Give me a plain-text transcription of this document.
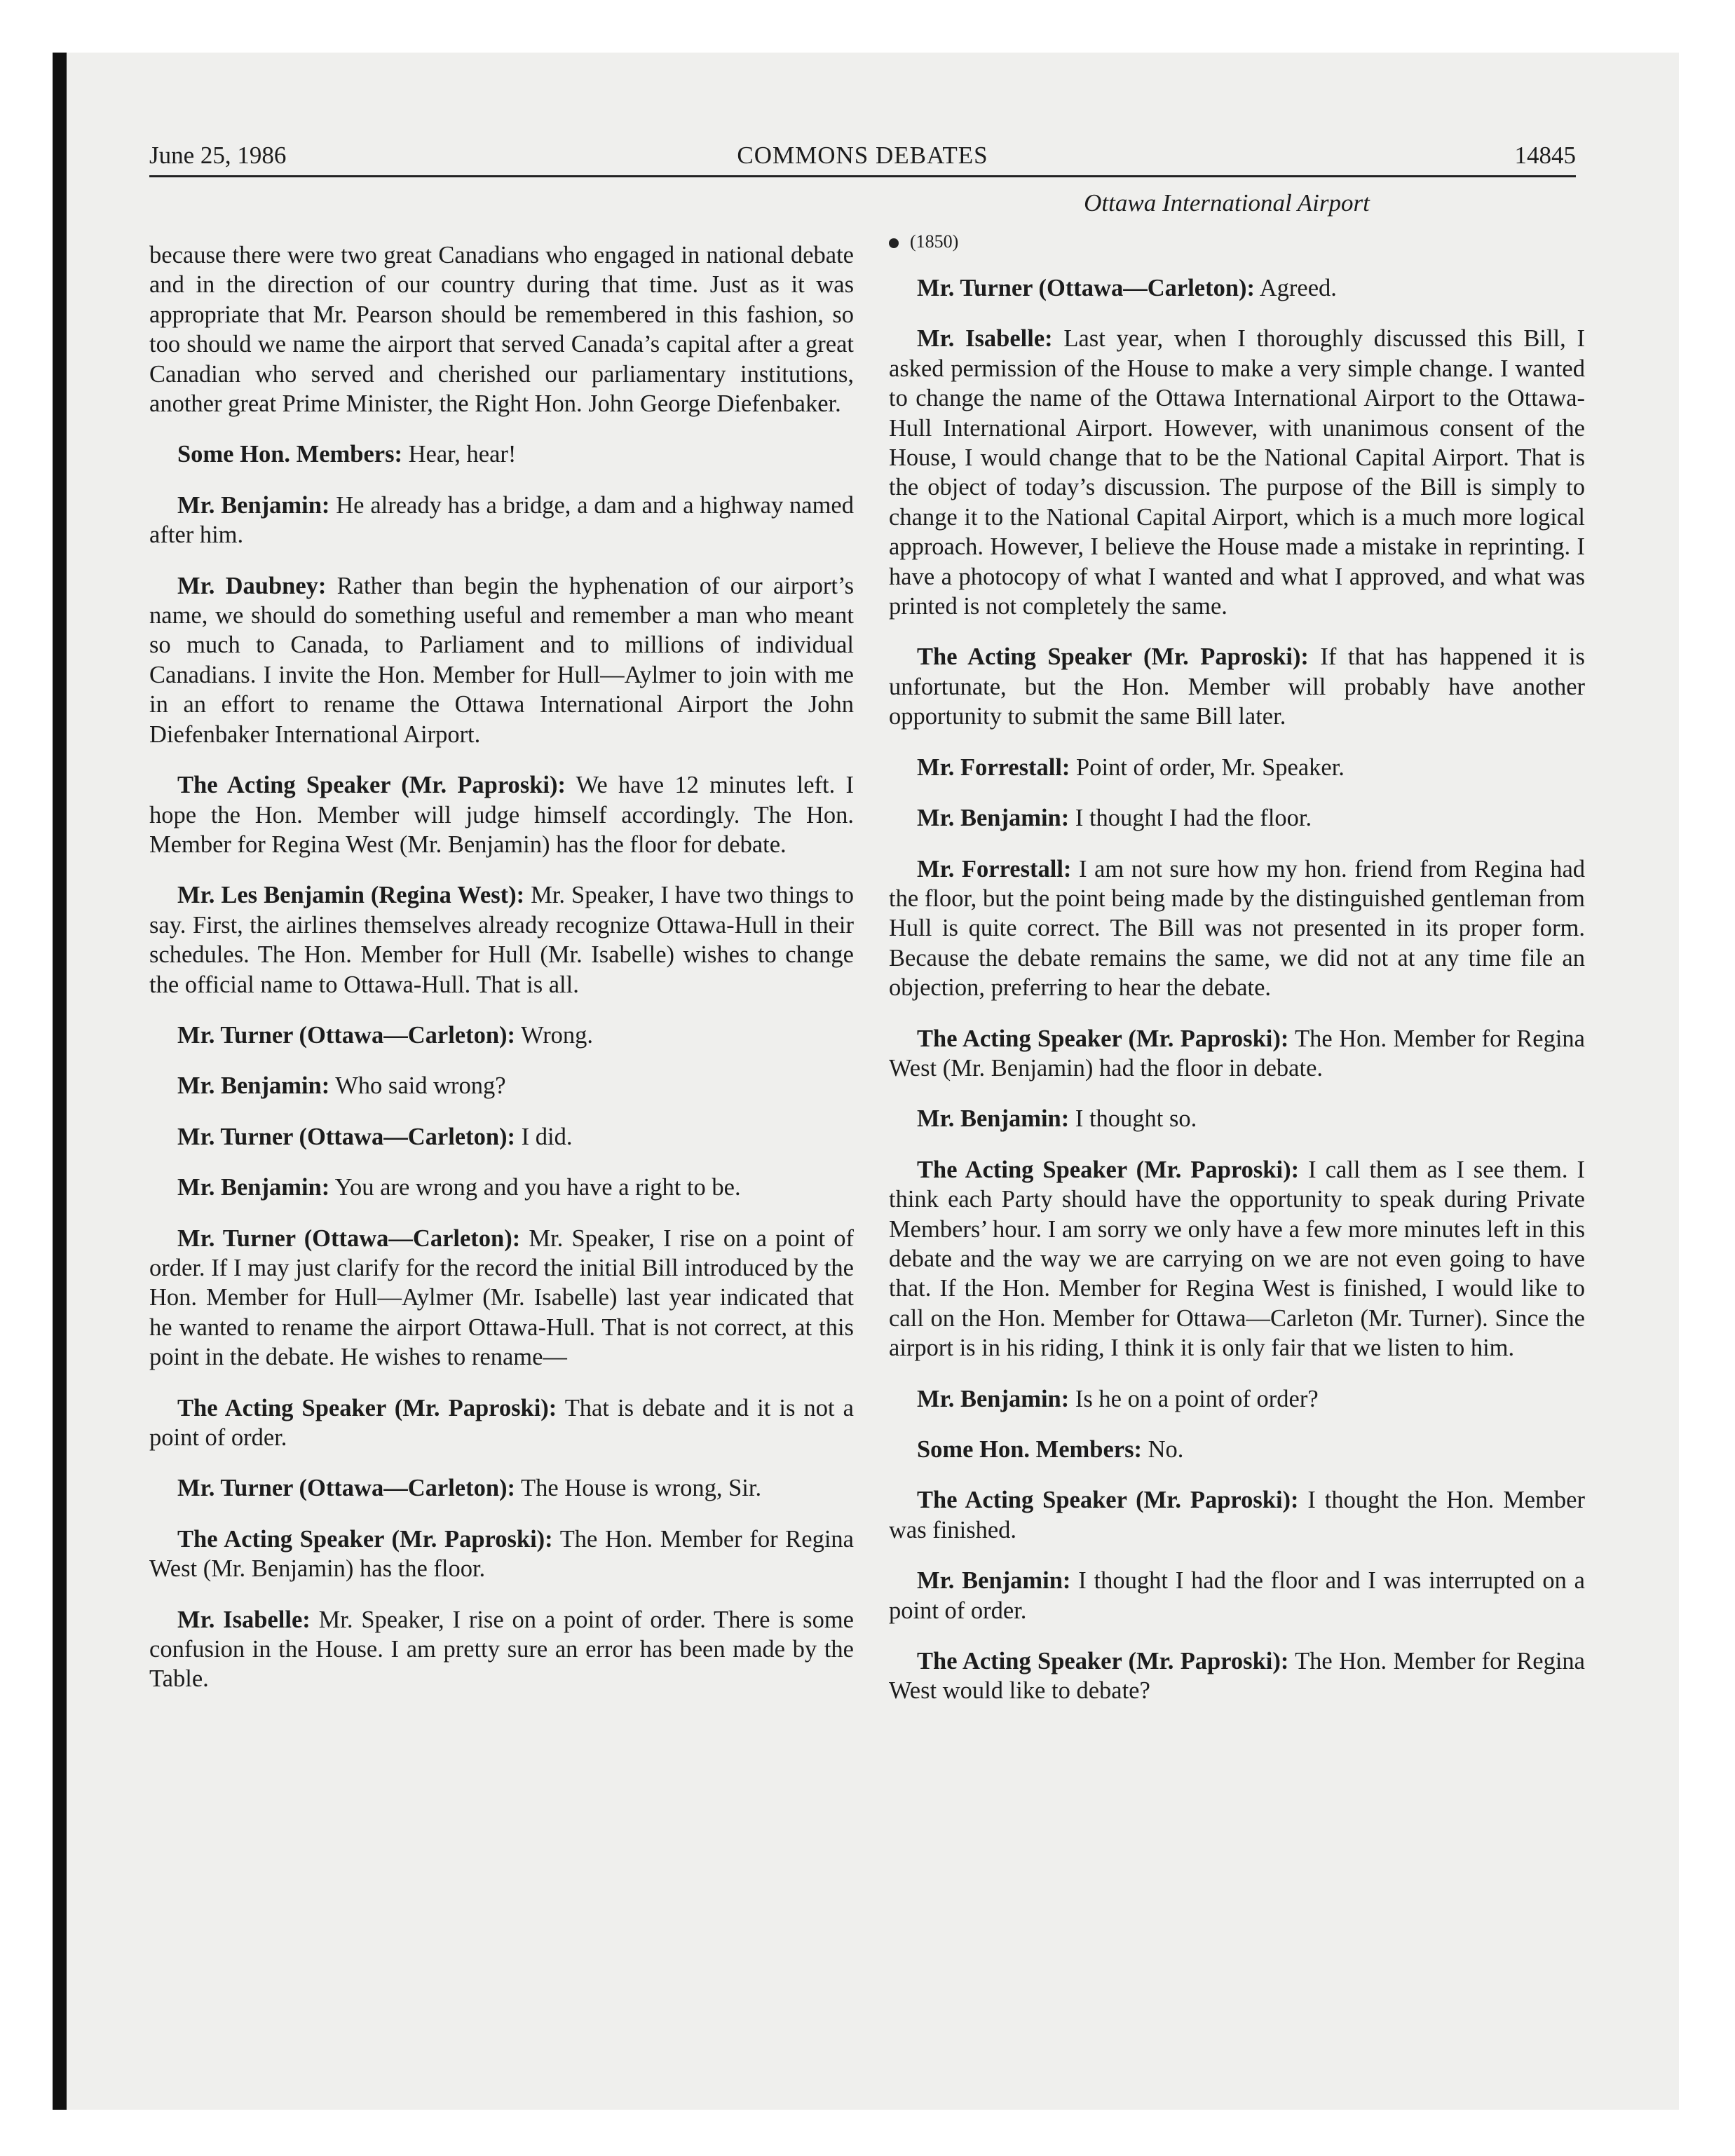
June 25, 1986	COMMONS DEBATES	14845
Ottawa International Airport

because there were two great Canadians who engaged in national debate and in the direction of our country during that time. Just as it was appropriate that Mr. Pearson should be remembered in this fashion, so too should we name the airport that served Canada’s capital after a great Canadian who served and cherished our parliamentary institutions, another great Prime Minister, the Right Hon. John George Diefenbaker.

Some Hon. Members: Hear, hear!

Mr. Benjamin: He already has a bridge, a dam and a highway named after him.

Mr. Daubney: Rather than begin the hyphenation of our airport’s name, we should do something useful and remember a man who meant so much to Canada, to Parliament and to millions of individual Canadians. I invite the Hon. Member for Hull—Aylmer to join with me in an effort to rename the Ottawa International Airport the John Diefenbaker International Airport.

The Acting Speaker (Mr. Paproski): We have 12 minutes left. I hope the Hon. Member will judge himself accordingly. The Hon. Member for Regina West (Mr. Benjamin) has the floor for debate.

Mr. Les Benjamin (Regina West): Mr. Speaker, I have two things to say. First, the airlines themselves already recognize Ottawa-Hull in their schedules. The Hon. Member for Hull (Mr. Isabelle) wishes to change the official name to Ottawa-Hull. That is all.

Mr. Turner (Ottawa—Carleton): Wrong.

Mr. Benjamin: Who said wrong?

Mr. Turner (Ottawa—Carleton): I did.

Mr. Benjamin: You are wrong and you have a right to be.

Mr. Turner (Ottawa—Carleton): Mr. Speaker, I rise on a point of order. If I may just clarify for the record the initial Bill introduced by the Hon. Member for Hull—Aylmer (Mr. Isabelle) last year indicated that he wanted to rename the airport Ottawa-Hull. That is not correct, at this point in the debate. He wishes to rename—

The Acting Speaker (Mr. Paproski): That is debate and it is not a point of order.

Mr. Turner (Ottawa—Carleton): The House is wrong, Sir.

The Acting Speaker (Mr. Paproski): The Hon. Member for Regina West (Mr. Benjamin) has the floor.

Mr. Isabelle: Mr. Speaker, I rise on a point of order. There is some confusion in the House. I am pretty sure an error has been made by the Table.

(1850)

Mr. Turner (Ottawa—Carleton): Agreed.

Mr. Isabelle: Last year, when I thoroughly discussed this Bill, I asked permission of the House to make a very simple change. I wanted to change the name of the Ottawa International Airport to the Ottawa-Hull International Airport. However, with unanimous consent of the House, I would change that to be the National Capital Airport. That is the object of today’s discussion. The purpose of the Bill is simply to change it to the National Capital Airport, which is a much more logical approach. However, I believe the House made a mistake in reprinting. I have a photocopy of what I wanted and what I approved, and what was printed is not completely the same.

The Acting Speaker (Mr. Paproski): If that has happened it is unfortunate, but the Hon. Member will probably have another opportunity to submit the same Bill later.

Mr. Forrestall: Point of order, Mr. Speaker.

Mr. Benjamin: I thought I had the floor.

Mr. Forrestall: I am not sure how my hon. friend from Regina had the floor, but the point being made by the distinguished gentleman from Hull is quite correct. The Bill was not presented in its proper form. Because the debate remains the same, we did not at any time file an objection, preferring to hear the debate.

The Acting Speaker (Mr. Paproski): The Hon. Member for Regina West (Mr. Benjamin) had the floor in debate.

Mr. Benjamin: I thought so.

The Acting Speaker (Mr. Paproski): I call them as I see them. I think each Party should have the opportunity to speak during Private Members’ hour. I am sorry we only have a few more minutes left in this debate and the way we are carrying on we are not even going to have that. If the Hon. Member for Regina West is finished, I would like to call on the Hon. Member for Ottawa—Carleton (Mr. Turner). Since the airport is in his riding, I think it is only fair that we listen to him.

Mr. Benjamin: Is he on a point of order?

Some Hon. Members: No.

The Acting Speaker (Mr. Paproski): I thought the Hon. Member was finished.

Mr. Benjamin: I thought I had the floor and I was interrupted on a point of order.

The Acting Speaker (Mr. Paproski): The Hon. Member for Regina West would like to debate?
